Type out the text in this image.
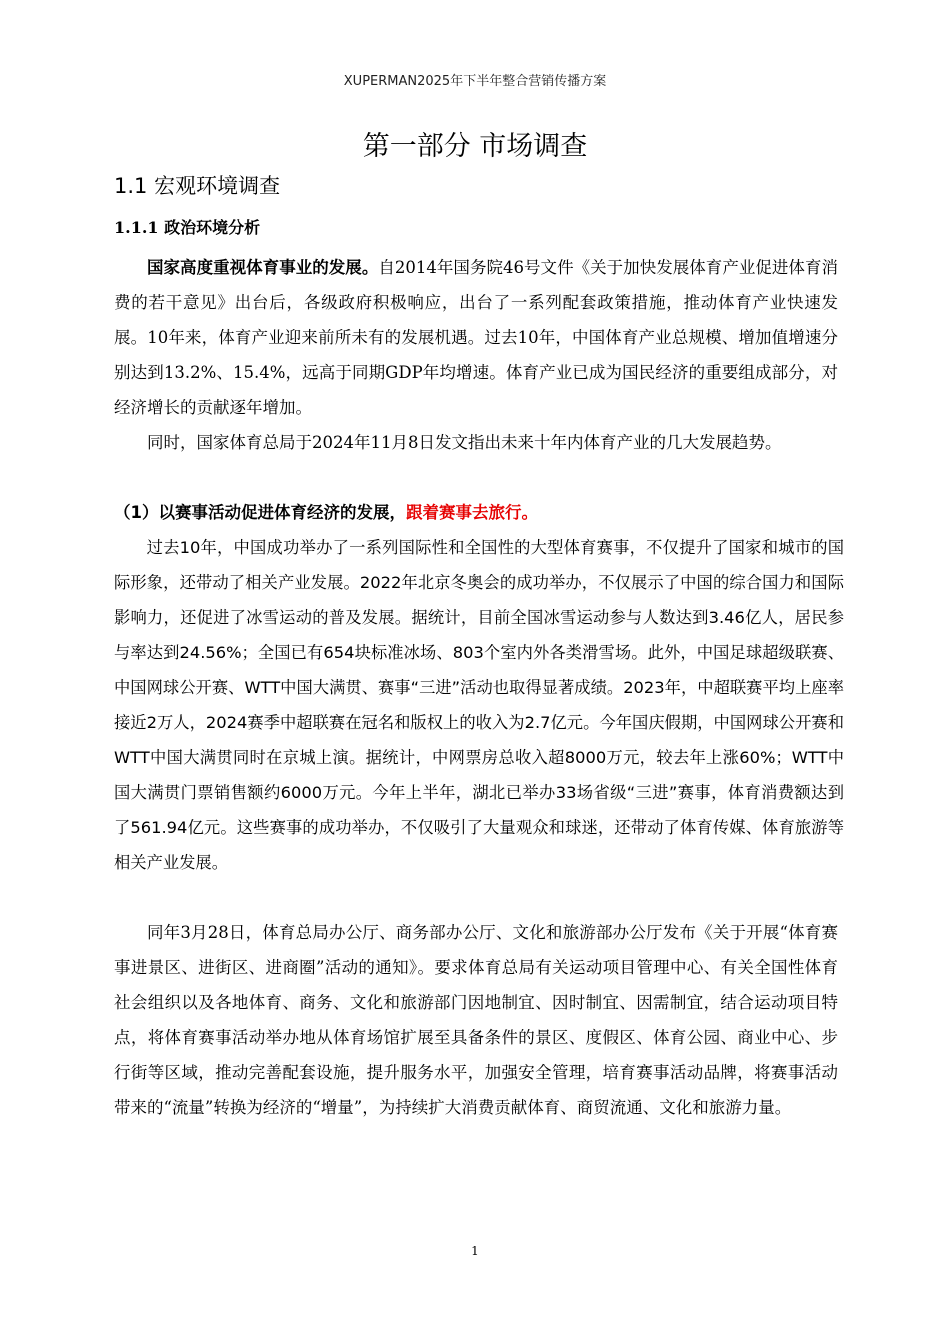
XUPERMAN2025年下半年整合营销传播方案
第一部分 市场调查
1.1 宏观环境调查
1.1.1 政治环境分析

国家高度重视体育事业的发展。自2014年国务院46号文件《关于加快发展体育产业促进体育消费的若干意见》出台后，各级政府积极响应，出台了一系列配套政策措施，推动体育产业快速发展。10年来，体育产业迎来前所未有的发展机遇。过去10年，中国体育产业总规模、增加值增速分别达到13.2%、15.4%，远高于同期GDP年均增速。体育产业已成为国民经济的重要组成部分，对经济增长的贡献逐年增加。

同时，国家体育总局于2024年11月8日发文指出未来十年内体育产业的几大发展趋势。

（1）以赛事活动促进体育经济的发展，跟着赛事去旅行。

过去10年，中国成功举办了一系列国际性和全国性的大型体育赛事，不仅提升了国家和城市的国际形象，还带动了相关产业发展。2022年北京冬奥会的成功举办，不仅展示了中国的综合国力和国际影响力，还促进了冰雪运动的普及发展。据统计，目前全国冰雪运动参与人数达到3.46亿人，居民参与率达到24.56%；全国已有654块标准冰场、803个室内外各类滑雪场。此外，中国足球超级联赛、中国网球公开赛、WTT中国大满贯、赛事“三进”活动也取得显著成绩。2023年，中超联赛平均上座率接近2万人，2024赛季中超联赛在冠名和版权上的收入为2.7亿元。今年国庆假期，中国网球公开赛和WTT中国大满贯同时在京城上演。据统计，中网票房总收入超8000万元，较去年上涨60%；WTT中国大满贯门票销售额约6000万元。今年上半年，湖北已举办33场省级“三进”赛事，体育消费额达到了561.94亿元。这些赛事的成功举办，不仅吸引了大量观众和球迷，还带动了体育传媒、体育旅游等相关产业发展。

同年3月28日，体育总局办公厅、商务部办公厅、文化和旅游部办公厅发布《关于开展“体育赛事进景区、进街区、进商圈”活动的通知》。要求体育总局有关运动项目管理中心、有关全国性体育社会组织以及各地体育、商务、文化和旅游部门因地制宜、因时制宜、因需制宜，结合运动项目特点，将体育赛事活动举办地从体育场馆扩展至具备条件的景区、度假区、体育公园、商业中心、步行街等区域，推动完善配套设施，提升服务水平，加强安全管理，培育赛事活动品牌，将赛事活动带来的“流量”转换为经济的“增量”，为持续扩大消费贡献体育、商贸流通、文化和旅游力量。

1
